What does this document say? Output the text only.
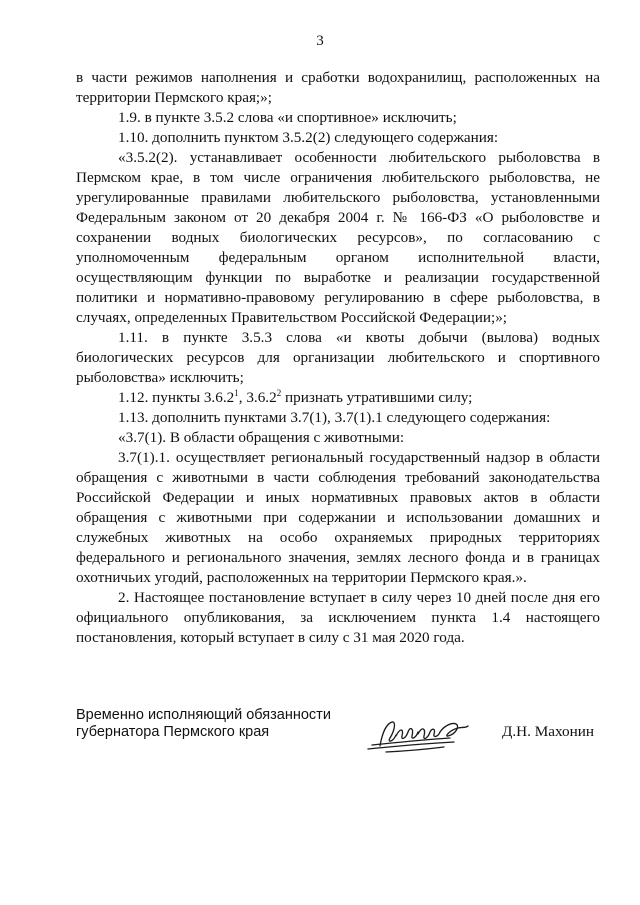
3

в части режимов наполнения и сработки водохранилищ, расположенных на территории Пермского края;»;

1.9. в пункте 3.5.2 слова «и спортивное» исключить;

1.10. дополнить пунктом 3.5.2(2) следующего содержания:

«3.5.2(2). устанавливает особенности любительского рыболовства в Пермском крае, в том числе ограничения любительского рыболовства, не урегулированные правилами любительского рыболовства, установленными Федеральным законом от 20 декабря 2004 г. № 166-ФЗ «О рыболовстве и сохранении водных биологических ресурсов», по согласованию с уполномоченным федеральным органом исполнительной власти, осуществляющим функции по выработке и реализации государственной политики и нормативно-правовому регулированию в сфере рыболовства, в случаях, определенных Правительством Российской Федерации;»;

1.11. в пункте 3.5.3 слова «и квоты добычи (вылова) водных биологических ресурсов для организации любительского и спортивного рыболовства» исключить;

1.12. пункты 3.6.2$^1$, 3.6.2$^2$ признать утратившими силу;

1.13. дополнить пунктами 3.7(1), 3.7(1).1 следующего содержания:

«3.7(1). В области обращения с животными:

3.7(1).1. осуществляет региональный государственный надзор в области обращения с животными в части соблюдения требований законодательства Российской Федерации и иных нормативных правовых актов в области обращения с животными при содержании и использовании домашних и служебных животных на особо охраняемых природных территориях федерального и регионального значения, землях лесного фонда и в границах охотничьих угодий, расположенных на территории Пермского края.».

2. Настоящее постановление вступает в силу через 10 дней после дня его официального опубликования, за исключением пункта 1.4 настоящего постановления, который вступает в силу с 31 мая 2020 года.

Временно исполняющий обязанности
губернатора Пермского края	Д.Н. Махонин
